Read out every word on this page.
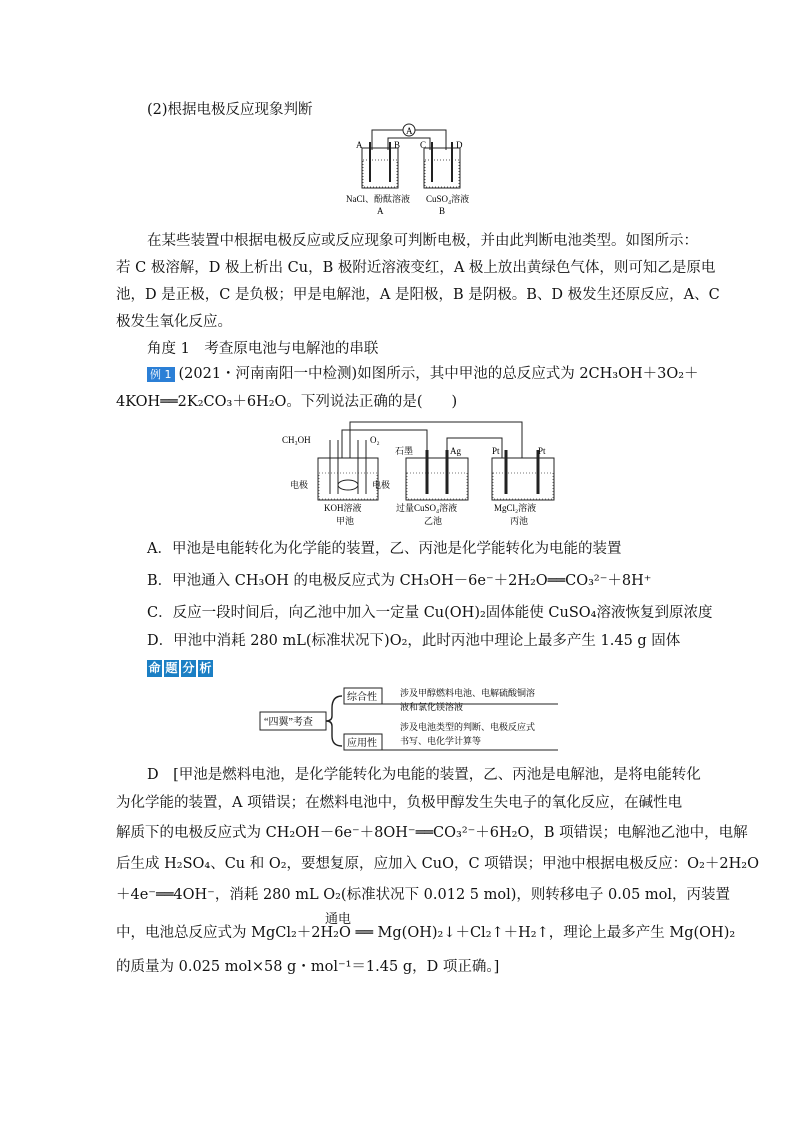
(2)根据电极反应现象判断
A
A	B C	D
NaCl、酚酞溶液
A
CuSO₄溶液
B
在某些装置中根据电极反应或反应现象可判断电极，并由此判断电池类型。如图所示：
若 C 极溶解，D 极上析出 Cu，B 极附近溶液变红，A 极上放出黄绿色气体，则可知乙是原电
池，D 是正极，C 是负极；甲是电解池，A 是阳极，B 是阴极。B、D 极发生还原反应，A、C
极发生氧化反应。
角度 1　考查原电池与电解池的串联
例 1 (2021・河南南阳一中检测)如图所示，其中甲池的总反应式为 2CH₃OH＋3O₂＋
4KOH══2K₂CO₃＋6H₂O。下列说法正确的是(　　)
CH₃OH	O₂
电极	电极
石墨	Ag	Pt	Pt
KOH溶液
甲池
过量CuSO₄溶液
乙池
MgCl₂溶液
丙池
A．甲池是电能转化为化学能的装置，乙、丙池是化学能转化为电能的装置
B．甲池通入 CH₃OH 的电极反应式为 CH₃OH－6e⁻＋2H₂O══CO₃²⁻＋8H⁺
C．反应一段时间后，向乙池中加入一定量 Cu(OH)₂固体能使 CuSO₄溶液恢复到原浓度
D．甲池中消耗 280 mL(标准状况下)O₂，此时丙池中理论上最多产生 1.45 g 固体
命 题 分 析
“四翼”考查
综合性	涉及甲醇燃料电池、电解硫酸铜溶
液和氯化镁溶液
应用性
涉及电池类型的判断、电极反应式
书写、电化学计算等
D　[甲池是燃料电池，是化学能转化为电能的装置，乙、丙池是电解池，是将电能转化
为化学能的装置，A 项错误；在燃料电池中，负极甲醇发生失电子的氧化反应，在碱性电
解质下的电极反应式为 CH₂OH－6e⁻＋8OH⁻══CO₃²⁻＋6H₂O，B 项错误；电解池乙池中，电解
后生成 H₂SO₄、Cu 和 O₂，要想复原，应加入 CuO，C 项错误；甲池中根据电极反应：O₂＋2H₂O
＋4e⁻══4OH⁻，消耗 280 mL O₂(标准状况下 0.012 5 mol)，则转移电子 0.05 mol，丙装置
通电
中，电池总反应式为 MgCl₂＋2H₂O ══ Mg(OH)₂↓＋Cl₂↑＋H₂↑，理论上最多产生 Mg(OH)₂
的质量为 0.025 mol×58 g・mol⁻¹＝1.45 g，D 项正确。]
